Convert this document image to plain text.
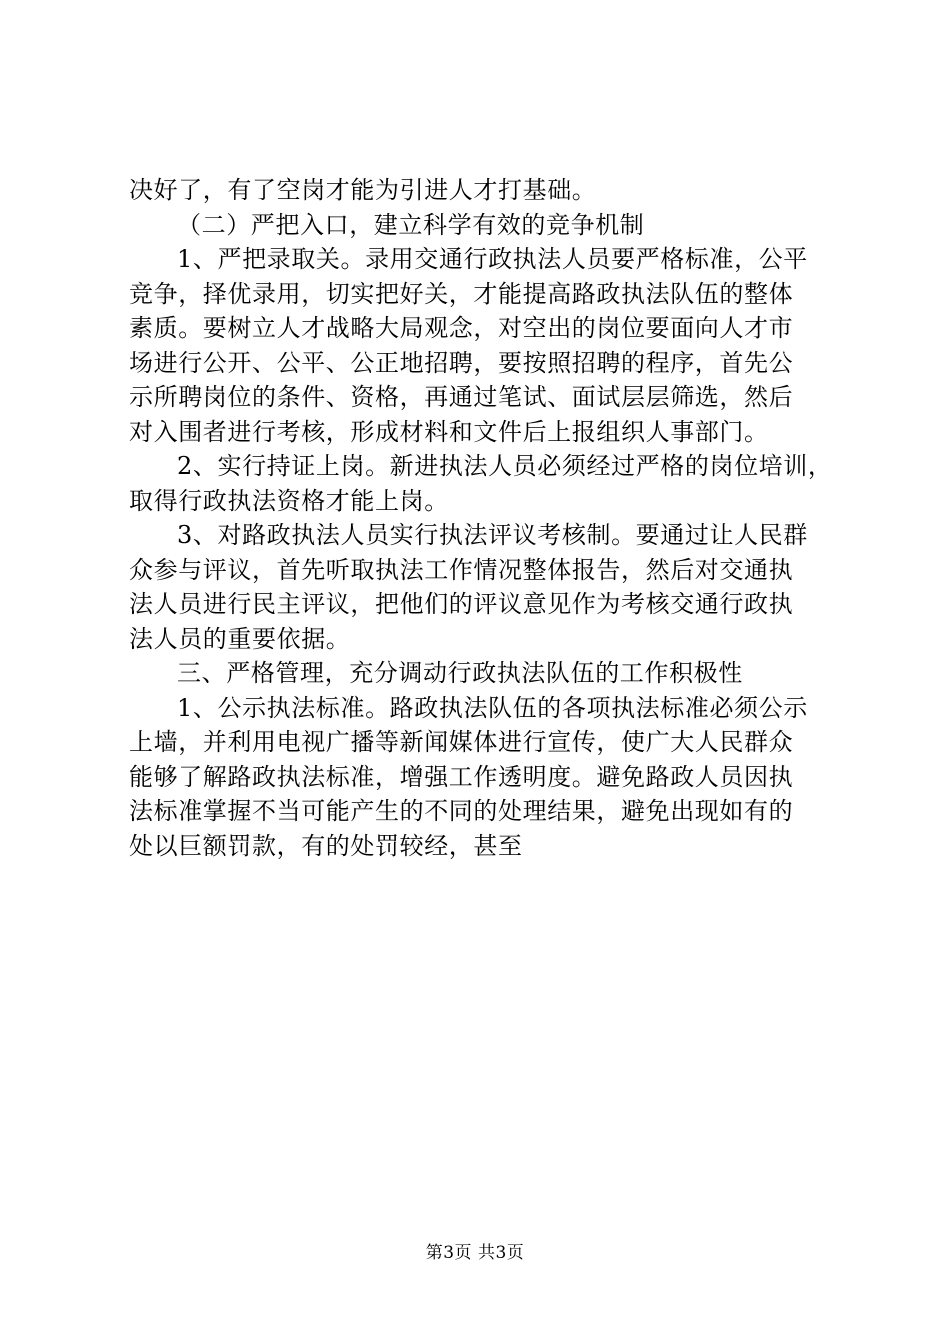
决好了，有了空岗才能为引进人才打基础。
（二）严把入口，建立科学有效的竞争机制
1、严把录取关。录用交通行政执法人员要严格标准，公平
竞争，择优录用，切实把好关，才能提高路政执法队伍的整体
素质。要树立人才战略大局观念，对空出的岗位要面向人才市
场进行公开、公平、公正地招聘，要按照招聘的程序，首先公
示所聘岗位的条件、资格，再通过笔试、面试层层筛选，然后
对入围者进行考核，形成材料和文件后上报组织人事部门。
2、实行持证上岗。新进执法人员必须经过严格的岗位培训，
取得行政执法资格才能上岗。
3、对路政执法人员实行执法评议考核制。要通过让人民群
众参与评议，首先听取执法工作情况整体报告，然后对交通执
法人员进行民主评议，把他们的评议意见作为考核交通行政执
法人员的重要依据。
三、严格管理，充分调动行政执法队伍的工作积极性
1、公示执法标准。路政执法队伍的各项执法标准必须公示
上墙，并利用电视广播等新闻媒体进行宣传，使广大人民群众
能够了解路政执法标准，增强工作透明度。避免路政人员因执
法标准掌握不当可能产生的不同的处理结果，避免出现如有的
处以巨额罚款，有的处罚较经，甚至
第3页 共3页
